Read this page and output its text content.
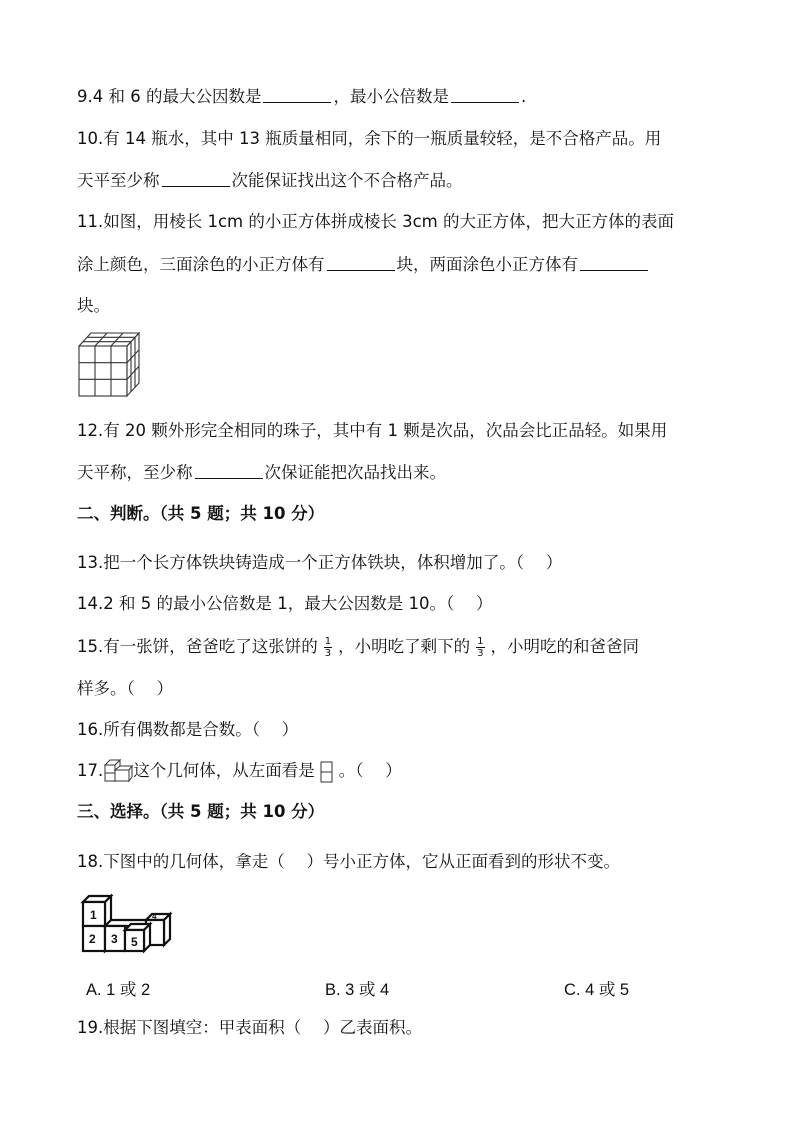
9.4 和 6 的最大公因数是	，最小公倍数是	.
10.有 14 瓶水，其中 13 瓶质量相同，余下的一瓶质量较轻，是不合格产品。用
天平至少称	次能保证找出这个不合格产品。
11.如图，用棱长 1cm 的小正方体拼成棱长 3cm 的大正方体，把大正方体的表面
涂上颜色，三面涂色的小正方体有	块，两面涂色小正方体有
块。
12.有 20 颗外形完全相同的珠子，其中有 1 颗是次品，次品会比正品轻。如果用
天平称，至少称	次保证能把次品找出来。
二、判断。（共 5 题；共 10 分）
13.把一个长方体铁块铸造成一个正方体铁块，体积增加了。（　 ）
14.2 和 5 的最小公倍数是 1，最大公因数是 10。（　 ）
15.有一张饼，爸爸吃了这张饼的 $\frac{1}{3}$ ，小明吃了剩下的 $\frac{1}{3}$ ，小明吃的和爸爸同
样多。（　 ）
16.所有偶数都是合数。（　 ）
17. 这个几何体，从左面看是 。（　 ）
三、选择。（共 5 题；共 10 分）
18.下图中的几何体，拿走（　 ）号小正方体，它从正面看到的形状不变。
1
2 3
4
5
A. 1 或 2	B. 3 或 4	C. 4 或 5
19.根据下图填空：甲表面积（　 ）乙表面积。
